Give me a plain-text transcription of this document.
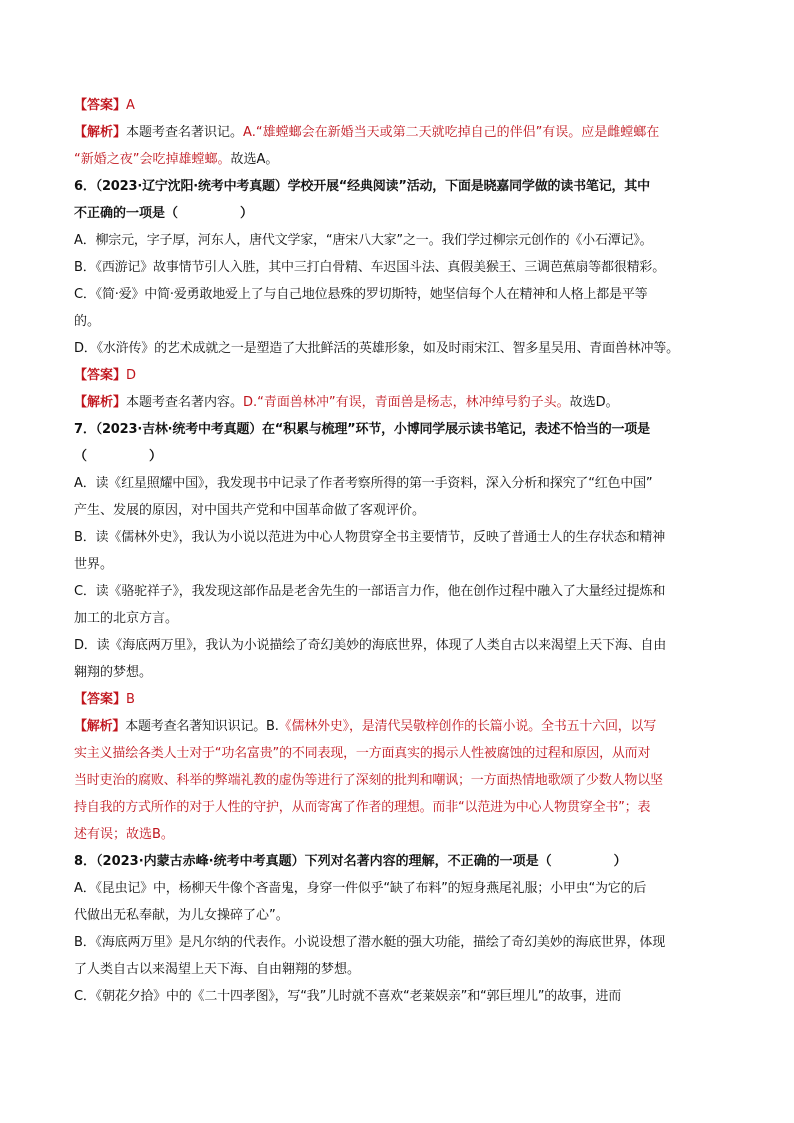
【答案】A
【解析】本题考查名著识记。A.“雄螳螂会在新婚当天或第二天就吃掉自己的伴侣”有误。应是雌螳螂在
“新婚之夜”会吃掉雄螳螂。故选A。
6．（2023·辽宁沈阳·统考中考真题）学校开展“经典阅读”活动，下面是晓嘉同学做的读书笔记，其中
不正确的一项是（	）
A．柳宗元，字子厚，河东人，唐代文学家，“唐宋八大家”之一。我们学过柳宗元创作的《小石潭记》。
B．《西游记》故事情节引人入胜，其中三打白骨精、车迟国斗法、真假美猴王、三调芭蕉扇等都很精彩。
C．《简·爱》中简·爱勇敢地爱上了与自己地位悬殊的罗切斯特，她坚信每个人在精神和人格上都是平等
的。
D．《水浒传》的艺术成就之一是塑造了大批鲜活的英雄形象，如及时雨宋江、智多星吴用、青面兽林冲等。
【答案】D
【解析】本题考查名著内容。D.“青面兽林冲”有误，青面兽是杨志，林冲绰号豹子头。故选D。
7．（2023·吉林·统考中考真题）在“积累与梳理”环节，小博同学展示读书笔记，表述不恰当的一项是
（	）
A．读《红星照耀中国》，我发现书中记录了作者考察所得的第一手资料，深入分析和探究了“红色中国”
产生、发展的原因，对中国共产党和中国革命做了客观评价。
B．读《儒林外史》，我认为小说以范进为中心人物贯穿全书主要情节，反映了普通士人的生存状态和精神
世界。
C．读《骆驼祥子》，我发现这部作品是老舍先生的一部语言力作，他在创作过程中融入了大量经过提炼和
加工的北京方言。
D．读《海底两万里》，我认为小说描绘了奇幻美妙的海底世界，体现了人类自古以来渴望上天下海、自由
翱翔的梦想。
【答案】B
【解析】本题考查名著知识识记。B.《儒林外史》，是清代吴敬梓创作的长篇小说。全书五十六回，以写
实主义描绘各类人士对于“功名富贵”的不同表现，一方面真实的揭示人性被腐蚀的过程和原因，从而对
当时吏治的腐败、科举的弊端礼教的虚伪等进行了深刻的批判和嘲讽；一方面热情地歌颂了少数人物以坚
持自我的方式所作的对于人性的守护，从而寄寓了作者的理想。而非“以范进为中心人物贯穿全书”；表
述有误；故选B。
8．（2023·内蒙古赤峰·统考中考真题）下列对名著内容的理解，不正确的一项是（	）
A．《昆虫记》中，杨柳天牛像个吝啬鬼，身穿一件似乎“缺了布料”的短身燕尾礼服；小甲虫“为它的后
代做出无私奉献，为儿女操碎了心”。
B．《海底两万里》是凡尔纳的代表作。小说设想了潜水艇的强大功能，描绘了奇幻美妙的海底世界，体现
了人类自古以来渴望上天下海、自由翱翔的梦想。
C．《朝花夕拾》中的《二十四孝图》，写“我”儿时就不喜欢“老莱娱亲”和“郭巨埋儿”的故事，进而
